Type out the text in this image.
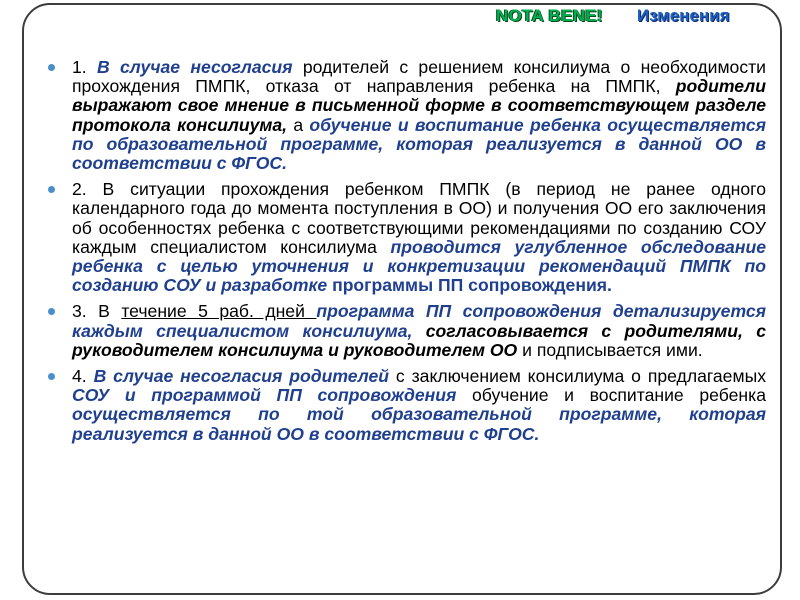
NOTA BENE! Изменения
1. В случае несогласия родителей с решением консилиума о необходимости прохождения ПМПК, отказа от направления ребенка на ПМПК, родители выражают свое мнение в письменной форме в соответствующем разделе протокола консилиума, а обучение и воспитание ребенка осуществляется по образовательной программе, которая реализуется в данной ОО в соответствии с ФГОС.
2. В ситуации прохождения ребенком ПМПК (в период не ранее одного календарного года до момента поступления в ОО) и получения ОО его заключения об особенностях ребенка с соответствующими рекомендациями по созданию СОУ каждым специалистом консилиума проводится углубленное обследование ребенка с целью уточнения и конкретизации рекомендаций ПМПК по созданию СОУ и разработке программы ПП сопровождения.
3. В течение 5 раб. дней программа ПП сопровождения детализируется каждым специалистом консилиума, согласовывается с родителями, с руководителем консилиума и руководителем ОО и подписывается ими.
4. В случае несогласия родителей с заключением консилиума о предлагаемых СОУ и программой ПП сопровождения обучение и воспитание ребенка осуществляется по той образовательной программе, которая реализуется в данной ОО в соответствии с ФГОС.
